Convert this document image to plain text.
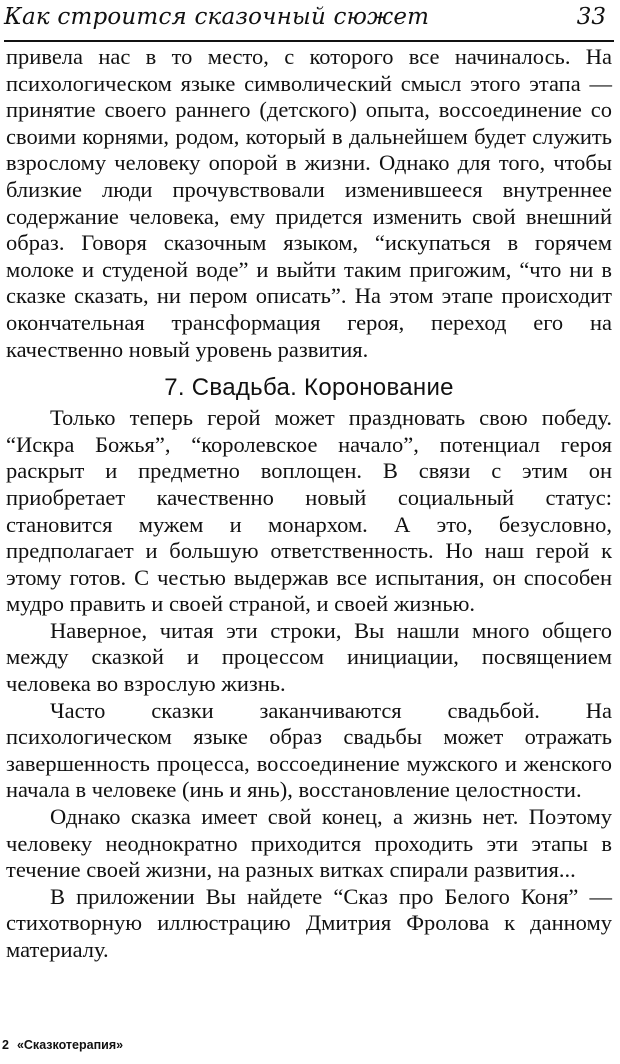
Как строится сказочный сюжет	33

привела нас в то место, с которого все начиналось. На психологическом языке символический смысл этого этапа — принятие своего раннего (детского) опыта, воссоединение со своими корнями, родом, который в дальнейшем будет служить взрослому человеку опорой в жизни. Однако для того, чтобы близкие люди прочувствовали изменившееся внутреннее содержание человека, ему придется изменить свой внешний образ. Говоря сказочным языком, “искупаться в горячем молоке и студеной воде” и выйти таким пригожим, “что ни в сказке сказать, ни пером описать”. На этом этапе происходит окончательная трансформация героя, переход его на качественно новый уровень развития.

7. Свадьба. Коронование

Только теперь герой может праздновать свою победу. “Искра Божья”, “королевское начало”, потенциал героя раскрыт и предметно воплощен. В связи с этим он приобретает качественно новый социальный статус: становится мужем и монархом. А это, безусловно, предполагает и большую ответственность. Но наш герой к этому готов. С честью выдержав все испытания, он способен мудро править и своей страной, и своей жизнью.

Наверное, читая эти строки, Вы нашли много общего между сказкой и процессом инициации, посвящением человека во взрослую жизнь.

Часто сказки заканчиваются свадьбой. На психологическом языке образ свадьбы может отражать завершенность процесса, воссоединение мужского и женского начала в человеке (инь и янь), восстановление целостности.

Однако сказка имеет свой конец, а жизнь нет. Поэтому человеку неоднократно приходится проходить эти этапы в течение своей жизни, на разных витках спирали развития...

В приложении Вы найдете “Сказ про Белого Коня” — стихотворную иллюстрацию Дмитрия Фролова к данному материалу.

2 «Сказкотерапия»
